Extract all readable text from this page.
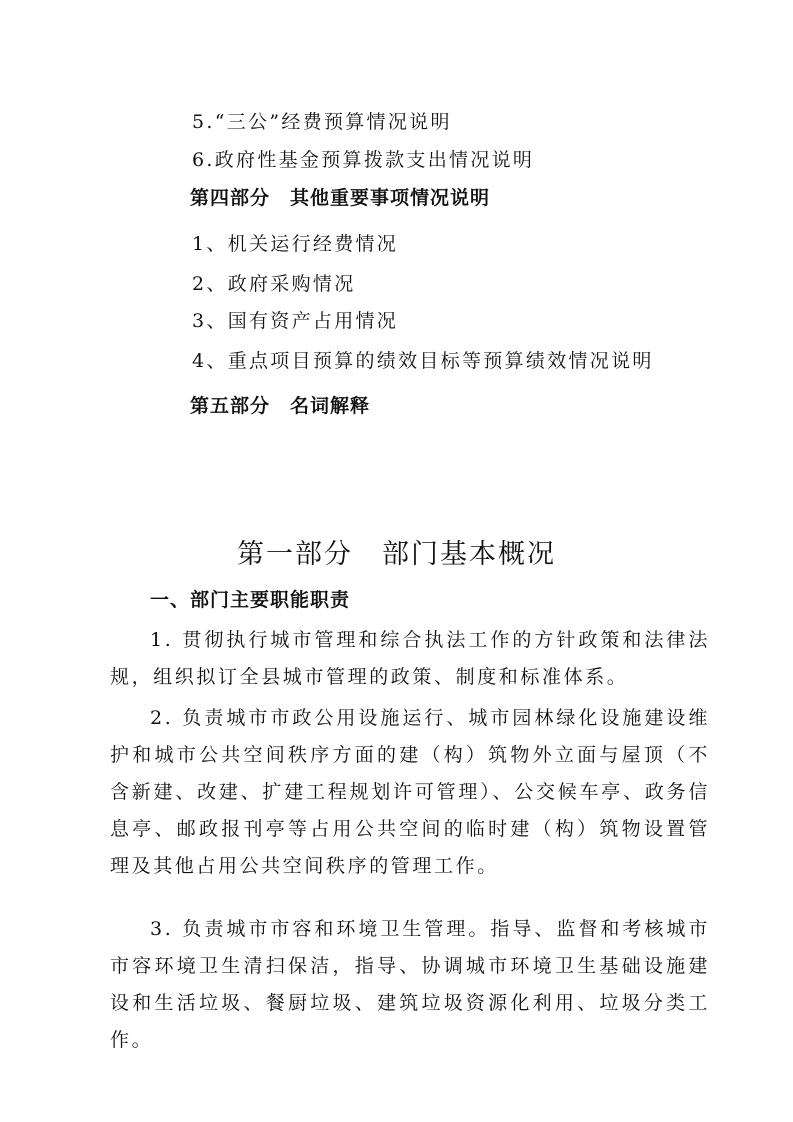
5.“三公”经费预算情况说明
6.政府性基金预算拨款支出情况说明
第四部分　其他重要事项情况说明
1、机关运行经费情况
2、政府采购情况
3、国有资产占用情况
4、重点项目预算的绩效目标等预算绩效情况说明
第五部分　名词解释
第一部分　部门基本概况
一、部门主要职能职责
1. 贯彻执行城市管理和综合执法工作的方针政策和法律法规，组织拟订全县城市管理的政策、制度和标准体系。
2. 负责城市市政公用设施运行、城市园林绿化设施建设维护和城市公共空间秩序方面的建（构）筑物外立面与屋顶（不含新建、改建、扩建工程规划许可管理）、公交候车亭、政务信息亭、邮政报刊亭等占用公共空间的临时建（构）筑物设置管理及其他占用公共空间秩序的管理工作。
3. 负责城市市容和环境卫生管理。指导、监督和考核城市市容环境卫生清扫保洁，指导、协调城市环境卫生基础设施建设和生活垃圾、餐厨垃圾、建筑垃圾资源化利用、垃圾分类工作。
